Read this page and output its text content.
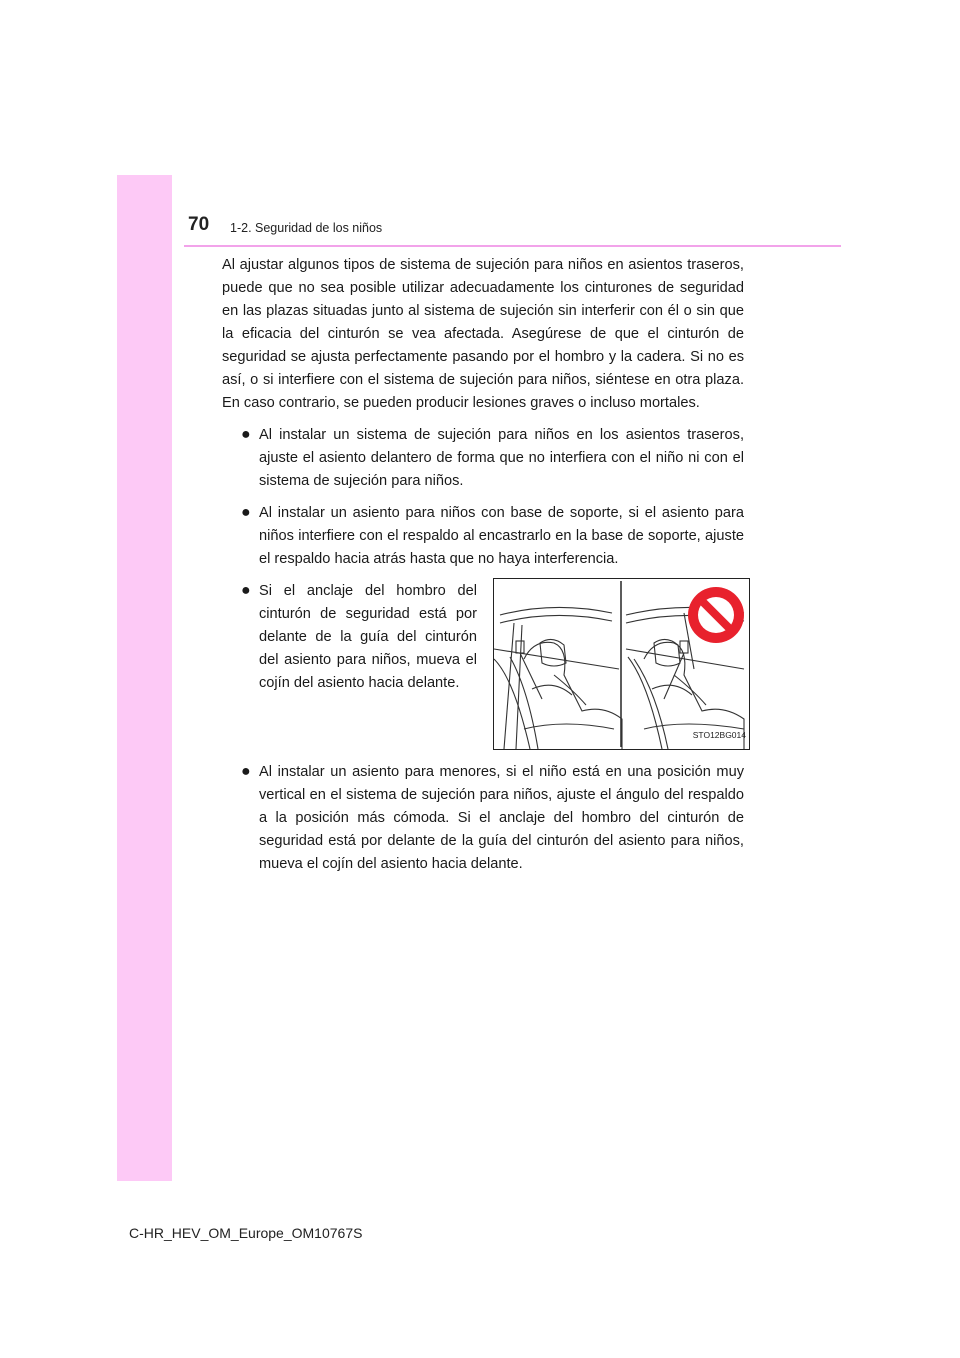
70 1-2. Seguridad de los niños

Al ajustar algunos tipos de sistema de sujeción para niños en asientos traseros, puede que no sea posible utilizar adecuadamente los cinturones de seguridad en las plazas situadas junto al sistema de sujeción sin interferir con él o sin que la eficacia del cinturón se vea afectada. Asegúrese de que el cinturón de seguridad se ajusta perfectamente pasando por el hombro y la cadera. Si no es así, o si interfiere con el sistema de sujeción para niños, siéntese en otra plaza. En caso contrario, se pueden producir lesiones graves o incluso mortales.

● Al instalar un sistema de sujeción para niños en los asientos traseros, ajuste el asiento delantero de forma que no interfiera con el niño ni con el sistema de sujeción para niños.
● Al instalar un asiento para niños con base de soporte, si el asiento para niños interfiere con el respaldo al encastrarlo en la base de soporte, ajuste el respaldo hacia atrás hasta que no haya interferencia.
● Si el anclaje del hombro del cinturón de seguridad está por delante de la guía del cinturón del asiento para niños, mueva el cojín del asiento hacia delante.
STO12BG014
● Al instalar un asiento para menores, si el niño está en una posición muy vertical en el sistema de sujeción para niños, ajuste el ángulo del respaldo a la posición más cómoda. Si el anclaje del hombro del cinturón de seguridad está por delante de la guía del cinturón del asiento para niños, mueva el cojín del asiento hacia delante.
C-HR_HEV_OM_Europe_OM10767S
